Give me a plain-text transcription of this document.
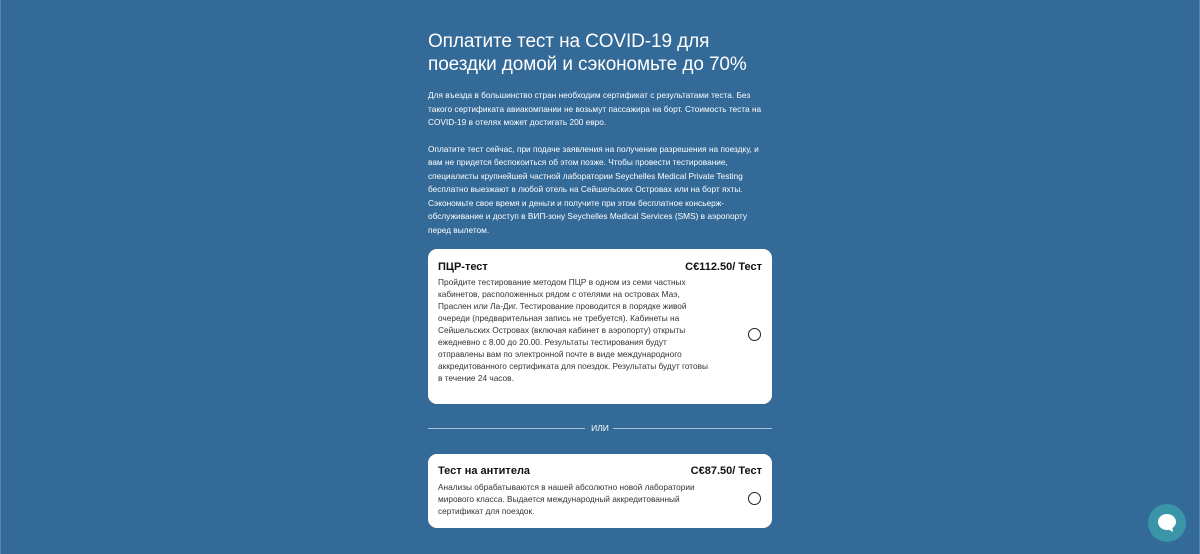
Оплатите тест на COVID-19 для поездки домой и сэкономьте до 70%

Для въезда в большинство стран необходим сертификат с результатами теста. Без такого сертификата авиакомпании не возьмут пассажира на борт. Стоимость теста на COVID-19 в отелях может достигать 200 евро.

Оплатите тест сейчас, при подаче заявления на получение разрешения на поездку, и вам не придется беспокоиться об этом позже. Чтобы провести тестирование, специалисты крупнейшей частной лаборатории Seychelles Medical Private Testing бесплатно выезжают в любой отель на Сейшельских Островах или на борт яхты. Сэкономьте свое время и деньги и получите при этом бесплатное консьерж-обслуживание и доступ в ВИП-зону Seychelles Medical Services (SMS) в аэропорту перед вылетом.

ПЦР-тест	C€112.50/ Тест
Пройдите тестирование методом ПЦР в одном из семи частных кабинетов, расположенных рядом с отелями на островах Маэ, Праслен или Ла-Диг. Тестирование проводится в порядке живой очереди (предварительная запись не требуется). Кабинеты на Сейшельских Островах (включая кабинет в аэропорту) открыты ежедневно с 8.00 до 20.00. Результаты тестирования будут отправлены вам по электронной почте в виде международного аккредитованного сертификата для поездок. Результаты будут готовы в течение 24 часов.
ИЛИ
Тест на антитела	C€87.50/ Тест
Анализы обрабатываются в нашей абсолютно новой лаборатории мирового класса. Выдается международный аккредитованный сертификат для поездок.
